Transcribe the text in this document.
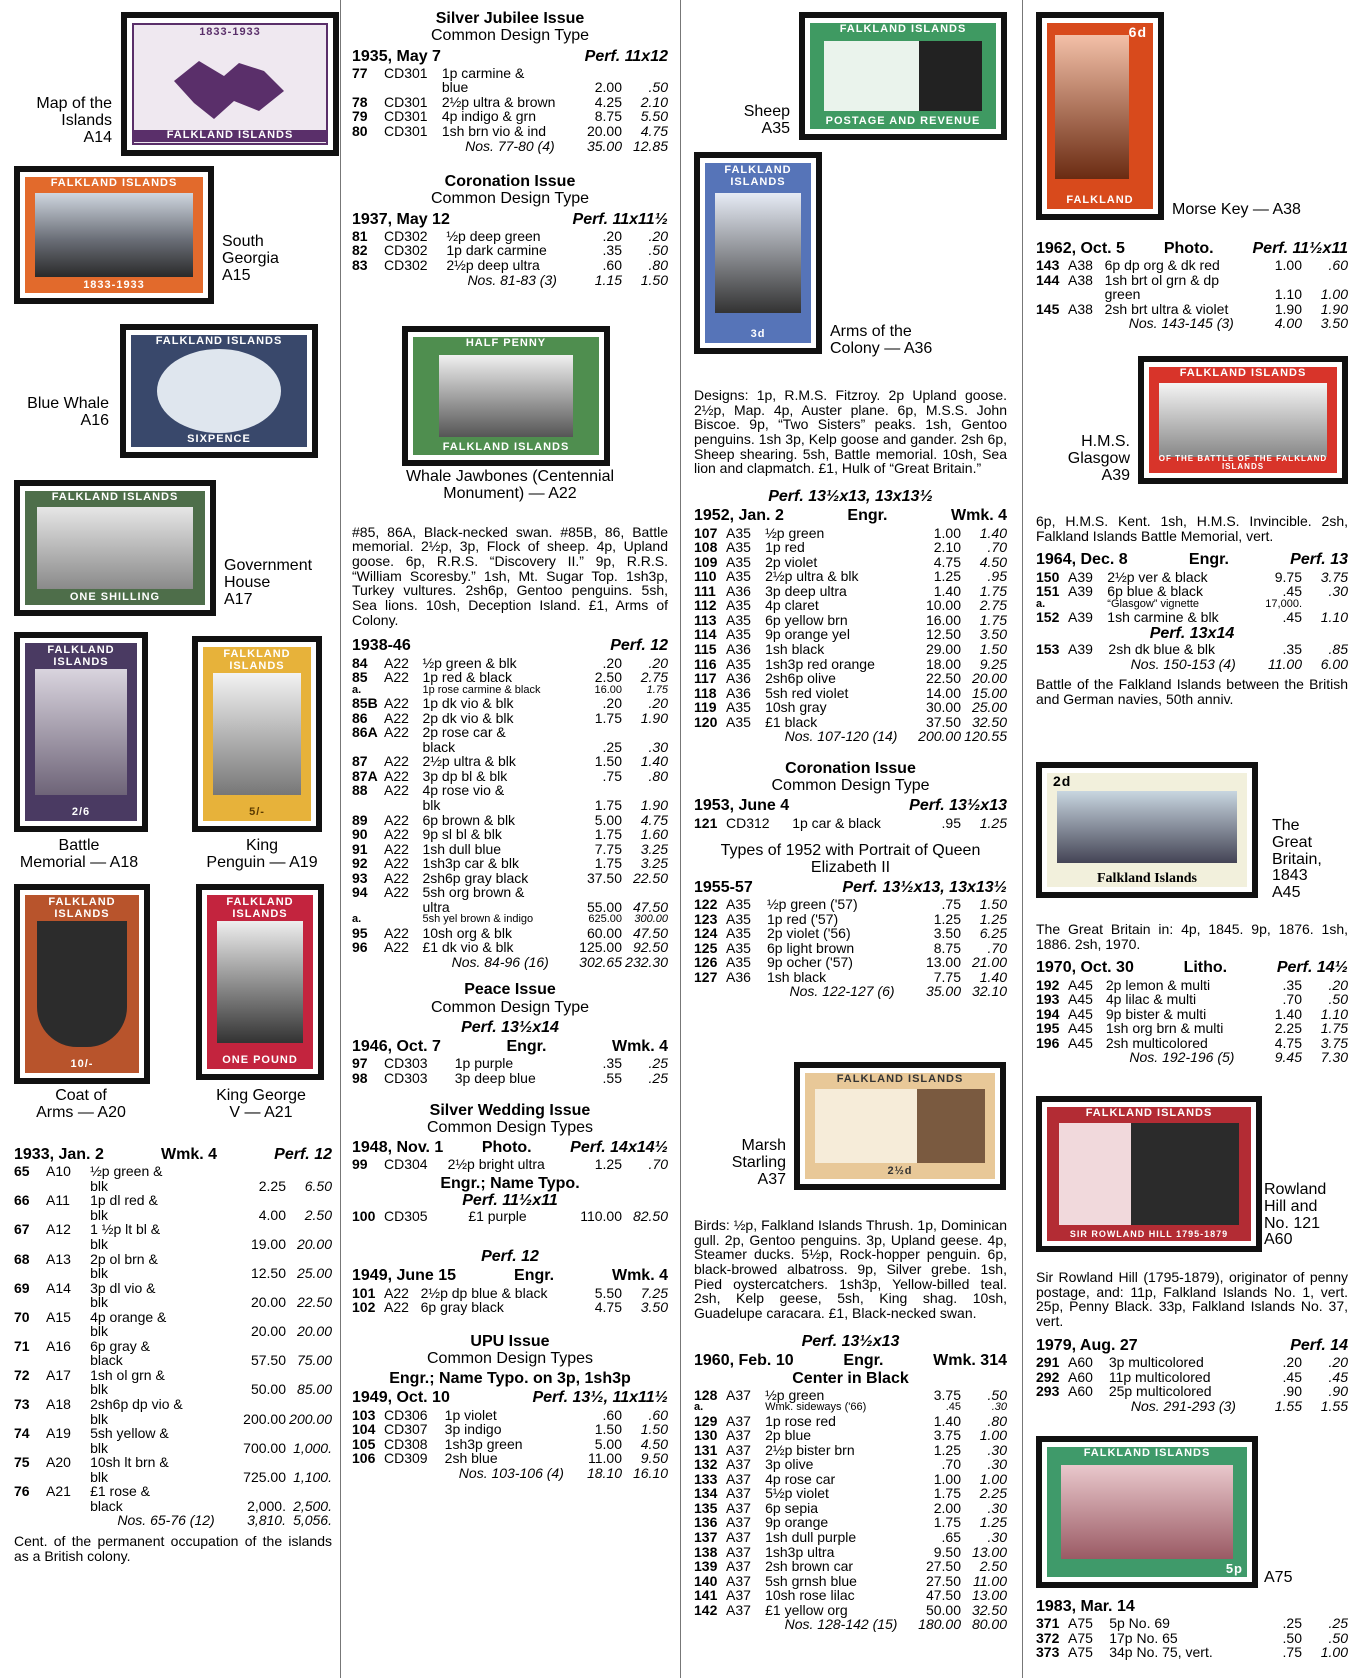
1833-1933
FALKLAND ISLANDS
Map of the
Islands
A14
FALKLAND ISLANDS
1833-1933
South
Georgia
A15
FALKLAND ISLANDS
SIXPENCE
Blue Whale
A16
FALKLAND ISLANDS
ONE SHILLING
Government
House
A17
FALKLAND ISLANDS
2/6
FALKLAND ISLANDS
5/-
Battle
Memorial — A18
King
Penguin — A19
FALKLAND ISLANDS
10/-
FALKLAND ISLANDS
ONE POUND
Coat of
Arms — A20
King George
V — A21
1933, Jan. 2	Wmk. 4	Perf. 12
65	A10	½p green &
blk	2.25	6.50
66	A11	1p dl red &
blk	4.00	2.50
67	A12	1 ½p lt bl &
blk	19.00	20.00
68	A13	2p ol brn &
blk	12.50	25.00
69	A14	3p dl vio &
blk	20.00	22.50
70	A15	4p orange &
blk	20.00	20.00
71	A16	6p gray &
black	57.50	75.00
72	A17	1sh ol grn &
blk	50.00	85.00
73	A18	2sh6p dp vio &
blk	200.00	200.00
74	A19	5sh yellow &
blk	700.00	1,000.
75	A20	10sh lt brn &
blk	725.00	1,100.
76	A21	£1 rose &
black	2,000.	2,500.
		Nos. 65-76 (12)	3,810.	5,056.
Cent. of the permanent occupation of the islands as a British colony.
Silver Jubilee Issue
Common Design Type
1935, May 7	Perf. 11x12
77	CD301	1p carmine &
blue	2.00	.50
78	CD301	2½p ultra & brown	4.25	2.10
79	CD301	4p indigo & grn	8.75	5.50
80	CD301	1sh brn vio & ind	20.00	4.75
		Nos. 77-80 (4)	35.00	12.85
Coronation Issue
Common Design Type
1937, May 12	Perf. 11x11½
81	CD302	½p deep green	.20	.20
82	CD302	1p dark carmine	.35	.50
83	CD302	2½p deep ultra	.60	.80
		Nos. 81-83 (3)	1.15	1.50
HALF PENNY
FALKLAND ISLANDS
Whale Jawbones (Centennial
Monument) — A22
#85, 86A, Black-necked swan. #85B, 86, Battle memorial. 2½p, 3p, Flock of sheep. 4p, Upland goose. 6p, R.R.S. “Discovery II.” 9p, R.R.S. “William Scoresby.” 1sh, Mt. Sugar Top. 1sh3p, Turkey vultures. 2sh6p, Gentoo penguins. 5sh, Sea lions. 10sh, Deception Island. £1, Arms of Colony.
1938-46	Perf. 12
84	A22	½p green & blk	.20	.20
85	A22	1p red & black	2.50	2.75
a.		1p rose carmine & black	16.00	1.75
85B	A22	1p dk vio & blk	.20	.20
86	A22	2p dk vio & blk	1.75	1.90
86A	A22	2p rose car &
black	.25	.30
87	A22	2½p ultra & blk	1.50	1.40
87A	A22	3p dp bl & blk	.75	.80
88	A22	4p rose vio &
blk	1.75	1.90
89	A22	6p brown & blk	5.00	4.75
90	A22	9p sl bl & blk	1.75	1.60
91	A22	1sh dull blue	7.75	3.25
92	A22	1sh3p car & blk	1.75	3.25
93	A22	2sh6p gray black	37.50	22.50
94	A22	5sh org brown &
ultra	55.00	47.50
a.		5sh yel brown & indigo	625.00	300.00
95	A22	10sh org & blk	60.00	47.50
96	A22	£1 dk vio & blk	125.00	92.50
		Nos. 84-96 (16)	302.65	232.30
Peace Issue
Common Design Type
Perf. 13½x14
1946, Oct. 7	Engr.	Wmk. 4
97	CD303	1p purple	.35	.25
98	CD303	3p deep blue	.55	.25
Silver Wedding Issue
Common Design Types
1948, Nov. 1 Photo. Perf. 14x14½
99	CD304	2½p bright ultra	1.25	.70
Engr.; Name Typo.
Perf. 11½x11
100	CD305	£1 purple	110.00	82.50
Perf. 12
1949, June 15	Engr.	Wmk. 4
101	A22	2½p dp blue & black	5.50	7.25
102	A22	6p gray black	4.75	3.50
UPU Issue
Common Design Types
Engr.; Name Typo. on 3p, 1sh3p
1949, Oct. 10	Perf. 13½, 11x11½
103	CD306	1p violet	.60	.60
104	CD307	3p indigo	1.50	1.50
105	CD308	1sh3p green	5.00	4.50
106	CD309	2sh blue	11.00	9.50
		Nos. 103-106 (4)	18.10	16.10
FALKLAND ISLANDS
POSTAGE AND REVENUE
Sheep
A35
FALKLAND ISLANDS
3d	Arms of the
Colony — A36
Designs: 1p, R.M.S. Fitzroy. 2p Upland goose. 2½p, Map. 4p, Auster plane. 6p, M.S.S. John Biscoe. 9p, “Two Sisters” peaks. 1sh, Gentoo penguins. 1sh 3p, Kelp goose and gander. 2sh 6p, Sheep shearing. 5sh, Battle memorial. 10sh, Sea lion and clapmatch. £1, Hulk of “Great Britain.”
Perf. 13½x13, 13x13½
1952, Jan. 2	Engr.	Wmk. 4
107	A35	½p green	1.00	1.40
108	A35	1p red	2.10	.70
109	A35	2p violet	4.75	4.50
110	A35	2½p ultra & blk	1.25	.95
111	A36	3p deep ultra	1.40	1.75
112	A35	4p claret	10.00	2.75
113	A35	6p yellow brn	16.00	1.75
114	A35	9p orange yel	12.50	3.50
115	A36	1sh black	29.00	1.50
116	A35	1sh3p red orange	18.00	9.25
117	A36	2sh6p olive	22.50	20.00
118	A36	5sh red violet	14.00	15.00
119	A35	10sh gray	30.00	25.00
120	A35	£1 black	37.50	32.50
		Nos. 107-120 (14)	200.00	120.55
Coronation Issue
Common Design Type
1953, June 4	Perf. 13½x13
121	CD312	1p car & black	.95	1.25
Types of 1952 with Portrait of Queen Elizabeth II
1955-57	Perf. 13½x13, 13x13½
122	A35	½p green ('57)	.75	1.50
123	A35	1p red ('57)	1.25	1.25
124	A35	2p violet ('56)	3.50	6.25
125	A35	6p light brown	8.75	.70
126	A35	9p ocher ('57)	13.00	21.00
127	A36	1sh black	7.75	1.40
		Nos. 122-127 (6)	35.00	32.10
FALKLAND ISLANDS
2½d
Marsh
Starling
A37
Birds: ½p, Falkland Islands Thrush. 1p, Dominican gull. 2p, Gentoo penguins. 3p, Upland geese. 4p, Steamer ducks. 5½p, Rock-hopper penguin. 6p, black-browed albatross. 9p, Silver grebe. 1sh, Pied oystercatchers. 1sh3p, Yellow-billed teal. 2sh, Kelp geese, 5sh, King shag. 10sh, Guadelupe caracara. £1, Black-necked swan.
Perf. 13½x13
1960, Feb. 10	Engr.	Wmk. 314
Center in Black
128	A37	½p green	3.75	.50
a.		Wmk. sideways ('66)	.45	.30
129	A37	1p rose red	1.40	.80
130	A37	2p blue	3.75	1.00
131	A37	2½p bister brn	1.25	.30
132	A37	3p olive	.70	.30
133	A37	4p rose car	1.00	1.00
134	A37	5½p violet	1.75	2.25
135	A37	6p sepia	2.00	.30
136	A37	9p orange	1.75	1.25
137	A37	1sh dull purple	.65	.30
138	A37	1sh3p ultra	9.50	13.00
139	A37	2sh brown car	27.50	2.50
140	A37	5sh grnsh blue	27.50	11.00
141	A37	10sh rose lilac	47.50	13.00
142	A37	£1 yellow org	50.00	32.50
		Nos. 128-142 (15)	180.00	80.00
6d
FALKLAND
Morse Key — A38
1962, Oct. 5 Photo. Perf. 11½x11
143	A38	6p dp org & dk red	1.00	.60
144	A38	1sh brt ol grn & dp
green	1.10	1.00
145	A38	2sh brt ultra & violet	1.90	1.90
		Nos. 143-145 (3)	4.00	3.50
FALKLAND ISLANDS
OF THE BATTLE OF THE FALKLAND ISLANDS
H.M.S.
Glasgow
A39
6p, H.M.S. Kent. 1sh, H.M.S. Invincible. 2sh, Falkland Islands Battle Memorial, vert.
1964, Dec. 8	Engr.	Perf. 13
150	A39	2½p ver & black	9.75	3.75
151	A39	6p blue & black	.45	.30
a.		“Glasgow” vignette	17,000.	
152	A39	1sh carmine & blk	.45	1.10
Perf. 13x14
153	A39	2sh dk blue & blk	.35	.85
		Nos. 150-153 (4)	11.00	6.00
Battle of the Falkland Islands between the British and German navies, 50th anniv.
2d
Falkland Islands
The
Great
Britain,
1843
A45
The Great Britain in: 4p, 1845. 9p, 1876. 1sh, 1886. 2sh, 1970.
1970, Oct. 30	Litho.	Perf. 14½
192	A45	2p lemon & multi	.35	.20
193	A45	4p lilac & multi	.70	.50
194	A45	9p bister & multi	1.40	1.10
195	A45	1sh org brn & multi	2.25	1.75
196	A45	2sh multicolored	4.75	3.75
		Nos. 192-196 (5)	9.45	7.30
FALKLAND ISLANDS
SIR ROWLAND HILL 1795-1879
Rowland
Hill and
No. 121
A60
Sir Rowland Hill (1795-1879), originator of penny postage, and: 11p, Falkland Islands No. 1, vert. 25p, Penny Black. 33p, Falkland Islands No. 37, vert.
1979, Aug. 27	Perf. 14
291	A60	3p multicolored	.20	.20
292	A60	11p multicolored	.45	.45
293	A60	25p multicolored	.90	.90
		Nos. 291-293 (3)	1.55	1.55
FALKLAND ISLANDS
5p
A75
1983, Mar. 14
371	A75	5p No. 69	.25	.25
372	A75	17p No. 65	.50	.50
373	A75	34p No. 75, vert.	.75	1.00
